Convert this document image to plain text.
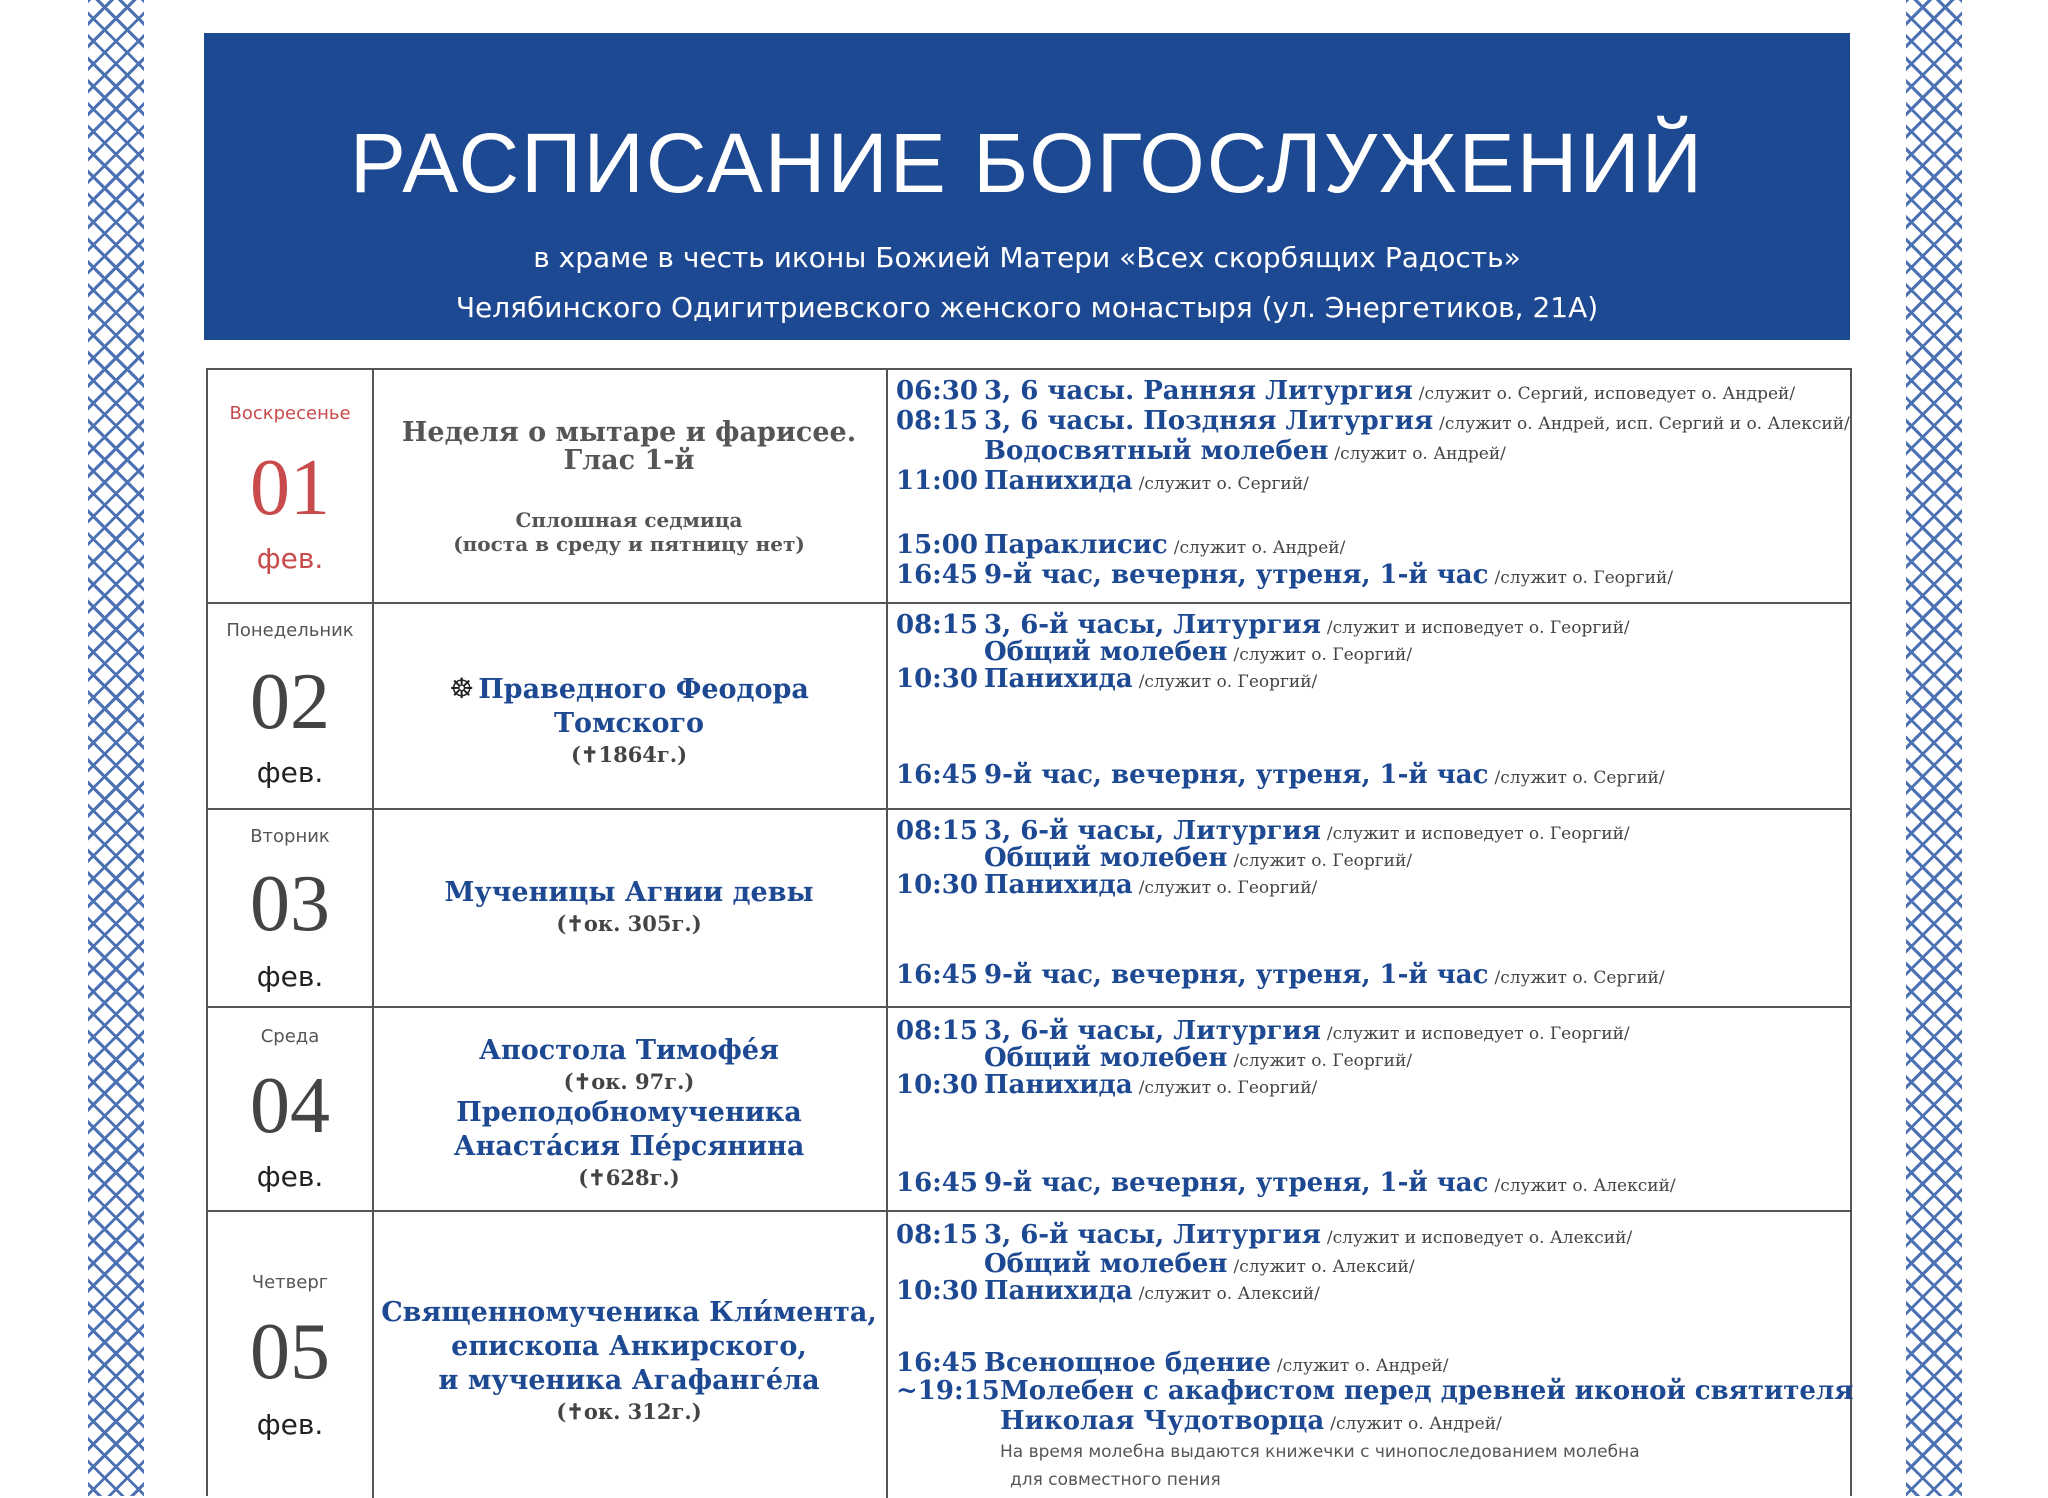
РАСПИСАНИЕ БОГОСЛУЖЕНИЙ
в храме в честь иконы Божией Матери «Всех скорбящих Радость»
Челябинского Одигитриевского женского монастыря (ул. Энергетиков, 21А)
Воскресенье
01
фев.
Неделя о мытаре и фарисее.
Глас 1-й
Сплошная седмица
(поста в среду и пятницу нет)
06:30 3, 6 часы. Ранняя Литургия /служит о. Сергий, исповедует о. Андрей/
08:15 3, 6 часы. Поздняя Литургия /служит о. Андрей, исп. Сергий и о. Алексий/
Водосвятный молебен /служит о. Андрей/
11:00 Панихида /служит о. Сергий/
15:00 Параклисис /служит о. Андрей/
16:45 9-й час, вечерня, утреня, 1-й час /служит о. Георгий/
Понедельник
02
фев.
☸ Праведного Феодора Томского
(✝1864г.)
08:15 3, 6-й часы, Литургия /служит и исповедует о. Георгий/
Общий молебен /служит о. Георгий/
10:30 Панихида /служит о. Георгий/
16:45 9-й час, вечерня, утреня, 1-й час /служит о. Сергий/
Вторник
03
фев.
Мученицы Агнии девы
(✝ок. 305г.)
08:15 3, 6-й часы, Литургия /служит и исповедует о. Георгий/
Общий молебен /служит о. Георгий/
10:30 Панихида /служит о. Георгий/
16:45 9-й час, вечерня, утреня, 1-й час /служит о. Сергий/
Среда
04
фев.
Апостола Тимофе́я
(✝ок. 97г.)
Преподобномученика
Анаста́сия Пе́рсянина
(✝628г.)
08:15 3, 6-й часы, Литургия /служит и исповедует о. Георгий/
Общий молебен /служит о. Георгий/
10:30 Панихида /служит о. Георгий/
16:45 9-й час, вечерня, утреня, 1-й час /служит о. Алексий/
Четверг
05
фев.
Священномученика Кли́мента,
епископа Анкирского,
и мученика Агафанге́ла
(✝ок. 312г.)
08:15 3, 6-й часы, Литургия /служит и исповедует о. Алексий/
Общий молебен /служит о. Алексий/
10:30 Панихида /служит о. Алексий/
16:45 Всенощное бдение /служит о. Андрей/
~19:15Молебен с акафистом перед древней иконой святителя
Николая Чудотворца /служит о. Андрей/
На время молебна выдаются книжечки с чинопоследованием молебна
для совместного пения
